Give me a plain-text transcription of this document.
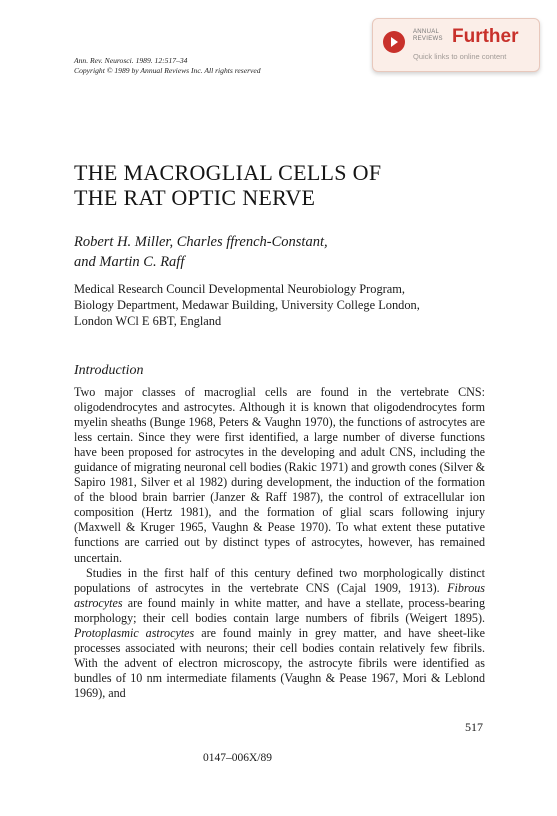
Ann. Rev. Neurosci. 1989. 12:517–34
Copyright © 1989 by Annual Reviews Inc. All rights reserved
ANNUAL
REVIEWS Further
Quick links to online content
THE MACROGLIAL CELLS OF
THE RAT OPTIC NERVE
Robert H. Miller, Charles ffrench-Constant,
and Martin C. Raff
Medical Research Council Developmental Neurobiology Program,
Biology Department, Medawar Building, University College London,
London WCl E 6BT, England
Introduction

Two major classes of macroglial cells are found in the vertebrate CNS: oligodendrocytes and astrocytes. Although it is known that oligodendrocytes form myelin sheaths (Bunge 1968, Peters & Vaughn 1970), the functions of astrocytes are less certain. Since they were first identified, a large number of diverse functions have been proposed for astrocytes in the developing and adult CNS, including the guidance of migrating neuronal cell bodies (Rakic 1971) and growth cones (Silver & Sapiro 1981, Silver et al 1982) during development, the induction of the formation of the blood brain barrier (Janzer & Raff 1987), the control of extracellular ion composition (Hertz 1981), and the formation of glial scars following injury (Maxwell & Kruger 1965, Vaughn & Pease 1970). To what extent these putative functions are carried out by distinct types of astrocytes, however, has remained uncertain.

Studies in the first half of this century defined two morphologically distinct populations of astrocytes in the vertebrate CNS (Cajal 1909, 1913). Fibrous astrocytes are found mainly in white matter, and have a stellate, process-bearing morphology; their cell bodies contain large numbers of fibrils (Weigert 1895). Protoplasmic astrocytes are found mainly in grey matter, and have sheet-like processes associated with neurons; their cell bodies contain relatively few fibrils. With the advent of electron microscopy, the astrocyte fibrils were identified as bundles of 10 nm intermediate filaments (Vaughn & Pease 1967, Mori & Leblond 1969), and

517
0147–006X/89
